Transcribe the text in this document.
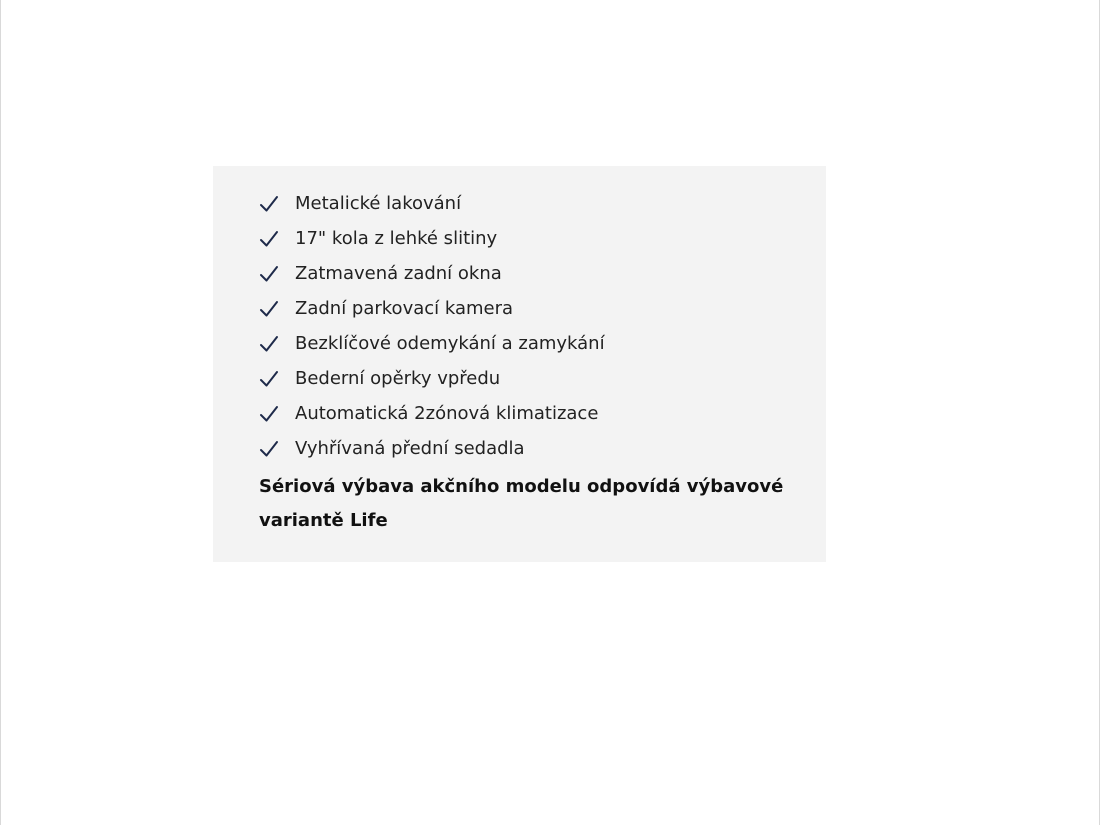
Metalické lakování
17" kola z lehké slitiny
Zatmavená zadní okna
Zadní parkovací kamera
Bezklíčové odemykání a zamykání
Bederní opěrky vpředu
Automatická 2zónová klimatizace
Vyhřívaná přední sedadla

Sériová výbava akčního modelu odpovídá výbavové variantě Life
